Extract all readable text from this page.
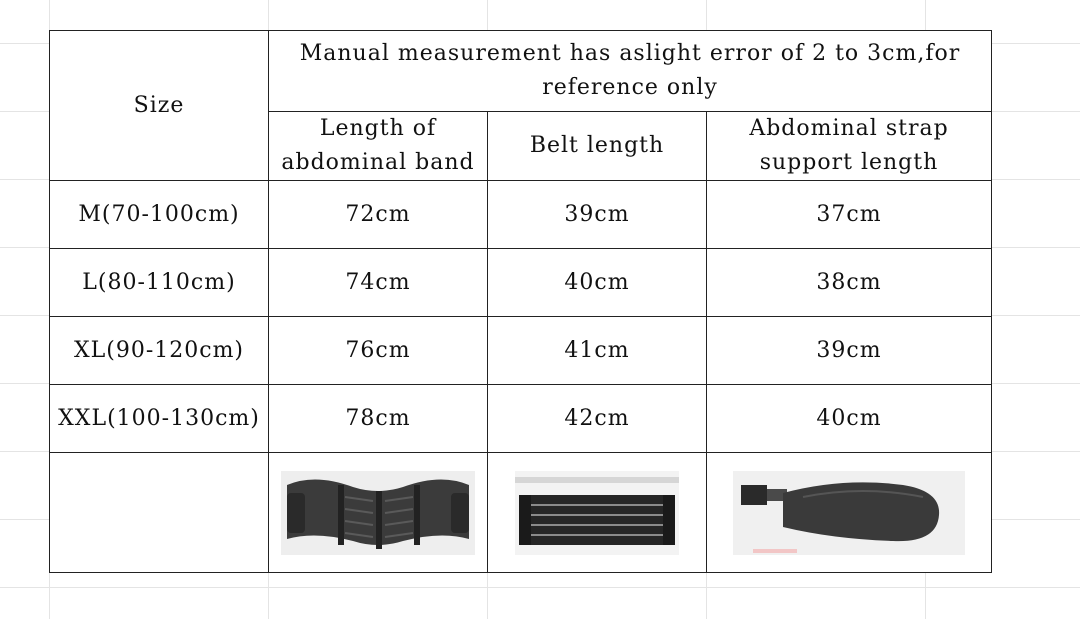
Size	Manual measurement has aslight error of 2 to 3cm,for reference only		
	Length of abdominal band	Belt length	Abdominal strap support length
M(70-100cm)	72cm	39cm	37cm
L(80-110cm)	74cm	40cm	38cm
XL(90-120cm)	76cm	41cm	39cm
XXL(100-130cm)	78cm	42cm	40cm
